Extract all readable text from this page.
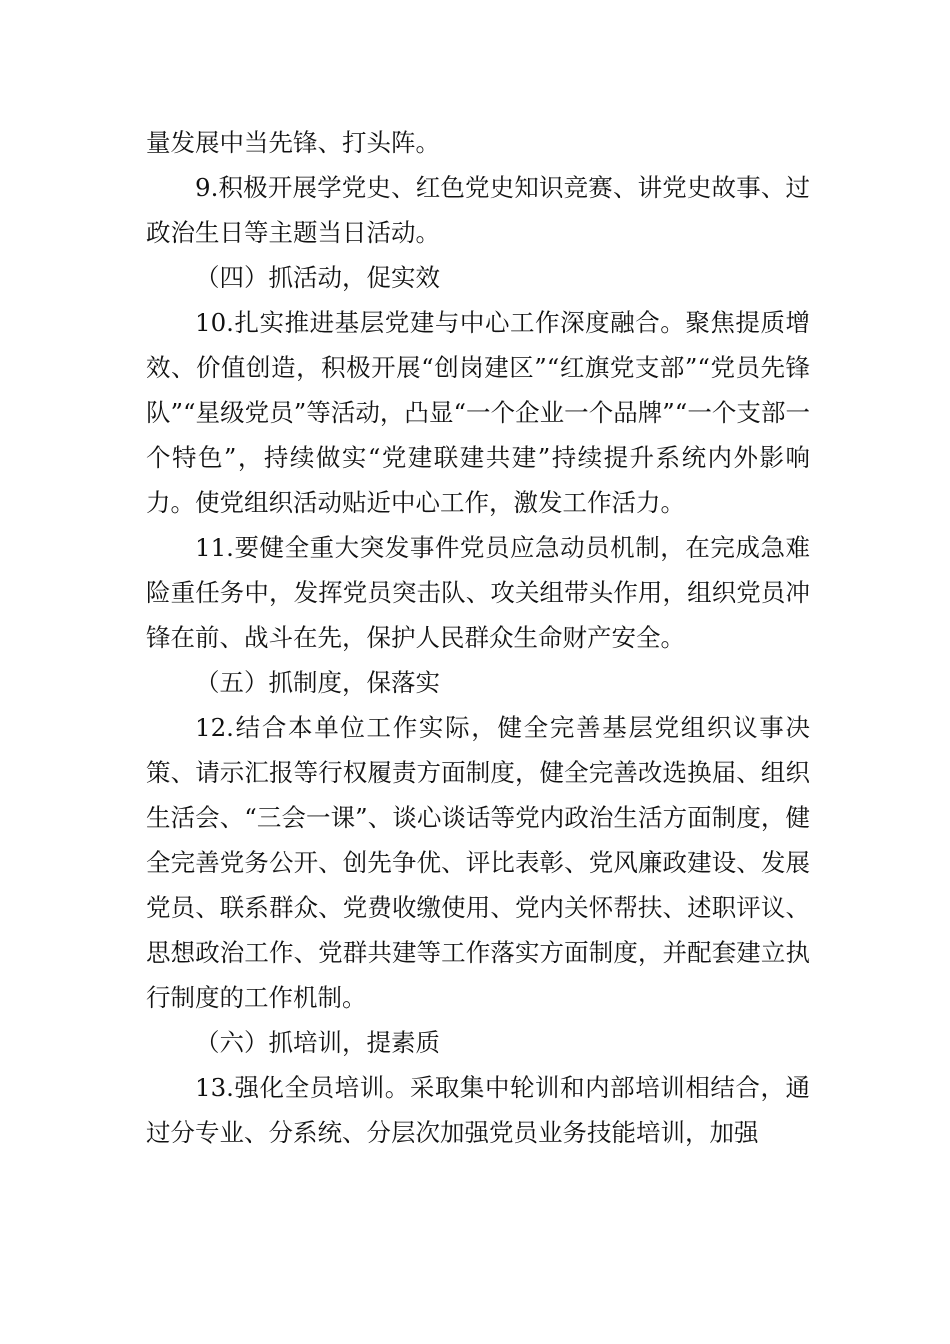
量发展中当先锋、打头阵。

9.积极开展学党史、红色党史知识竞赛、讲党史故事、过政治生日等主题当日活动。

（四）抓活动，促实效

10.扎实推进基层党建与中心工作深度融合。聚焦提质增效、价值创造，积极开展“创岗建区”“红旗党支部”“党员先锋队”“星级党员”等活动，凸显“一个企业一个品牌”“一个支部一个特色”，持续做实“党建联建共建”持续提升系统内外影响力。使党组织活动贴近中心工作，激发工作活力。

11.要健全重大突发事件党员应急动员机制，在完成急难险重任务中，发挥党员突击队、攻关组带头作用，组织党员冲锋在前、战斗在先，保护人民群众生命财产安全。

（五）抓制度，保落实

12.结合本单位工作实际，健全完善基层党组织议事决策、请示汇报等行权履责方面制度，健全完善改选换届、组织生活会、“三会一课”、谈心谈话等党内政治生活方面制度，健全完善党务公开、创先争优、评比表彰、党风廉政建设、发展党员、联系群众、党费收缴使用、党内关怀帮扶、述职评议、思想政治工作、党群共建等工作落实方面制度，并配套建立执行制度的工作机制。

（六）抓培训，提素质

13.强化全员培训。采取集中轮训和内部培训相结合，通过分专业、分系统、分层次加强党员业务技能培训，加强
